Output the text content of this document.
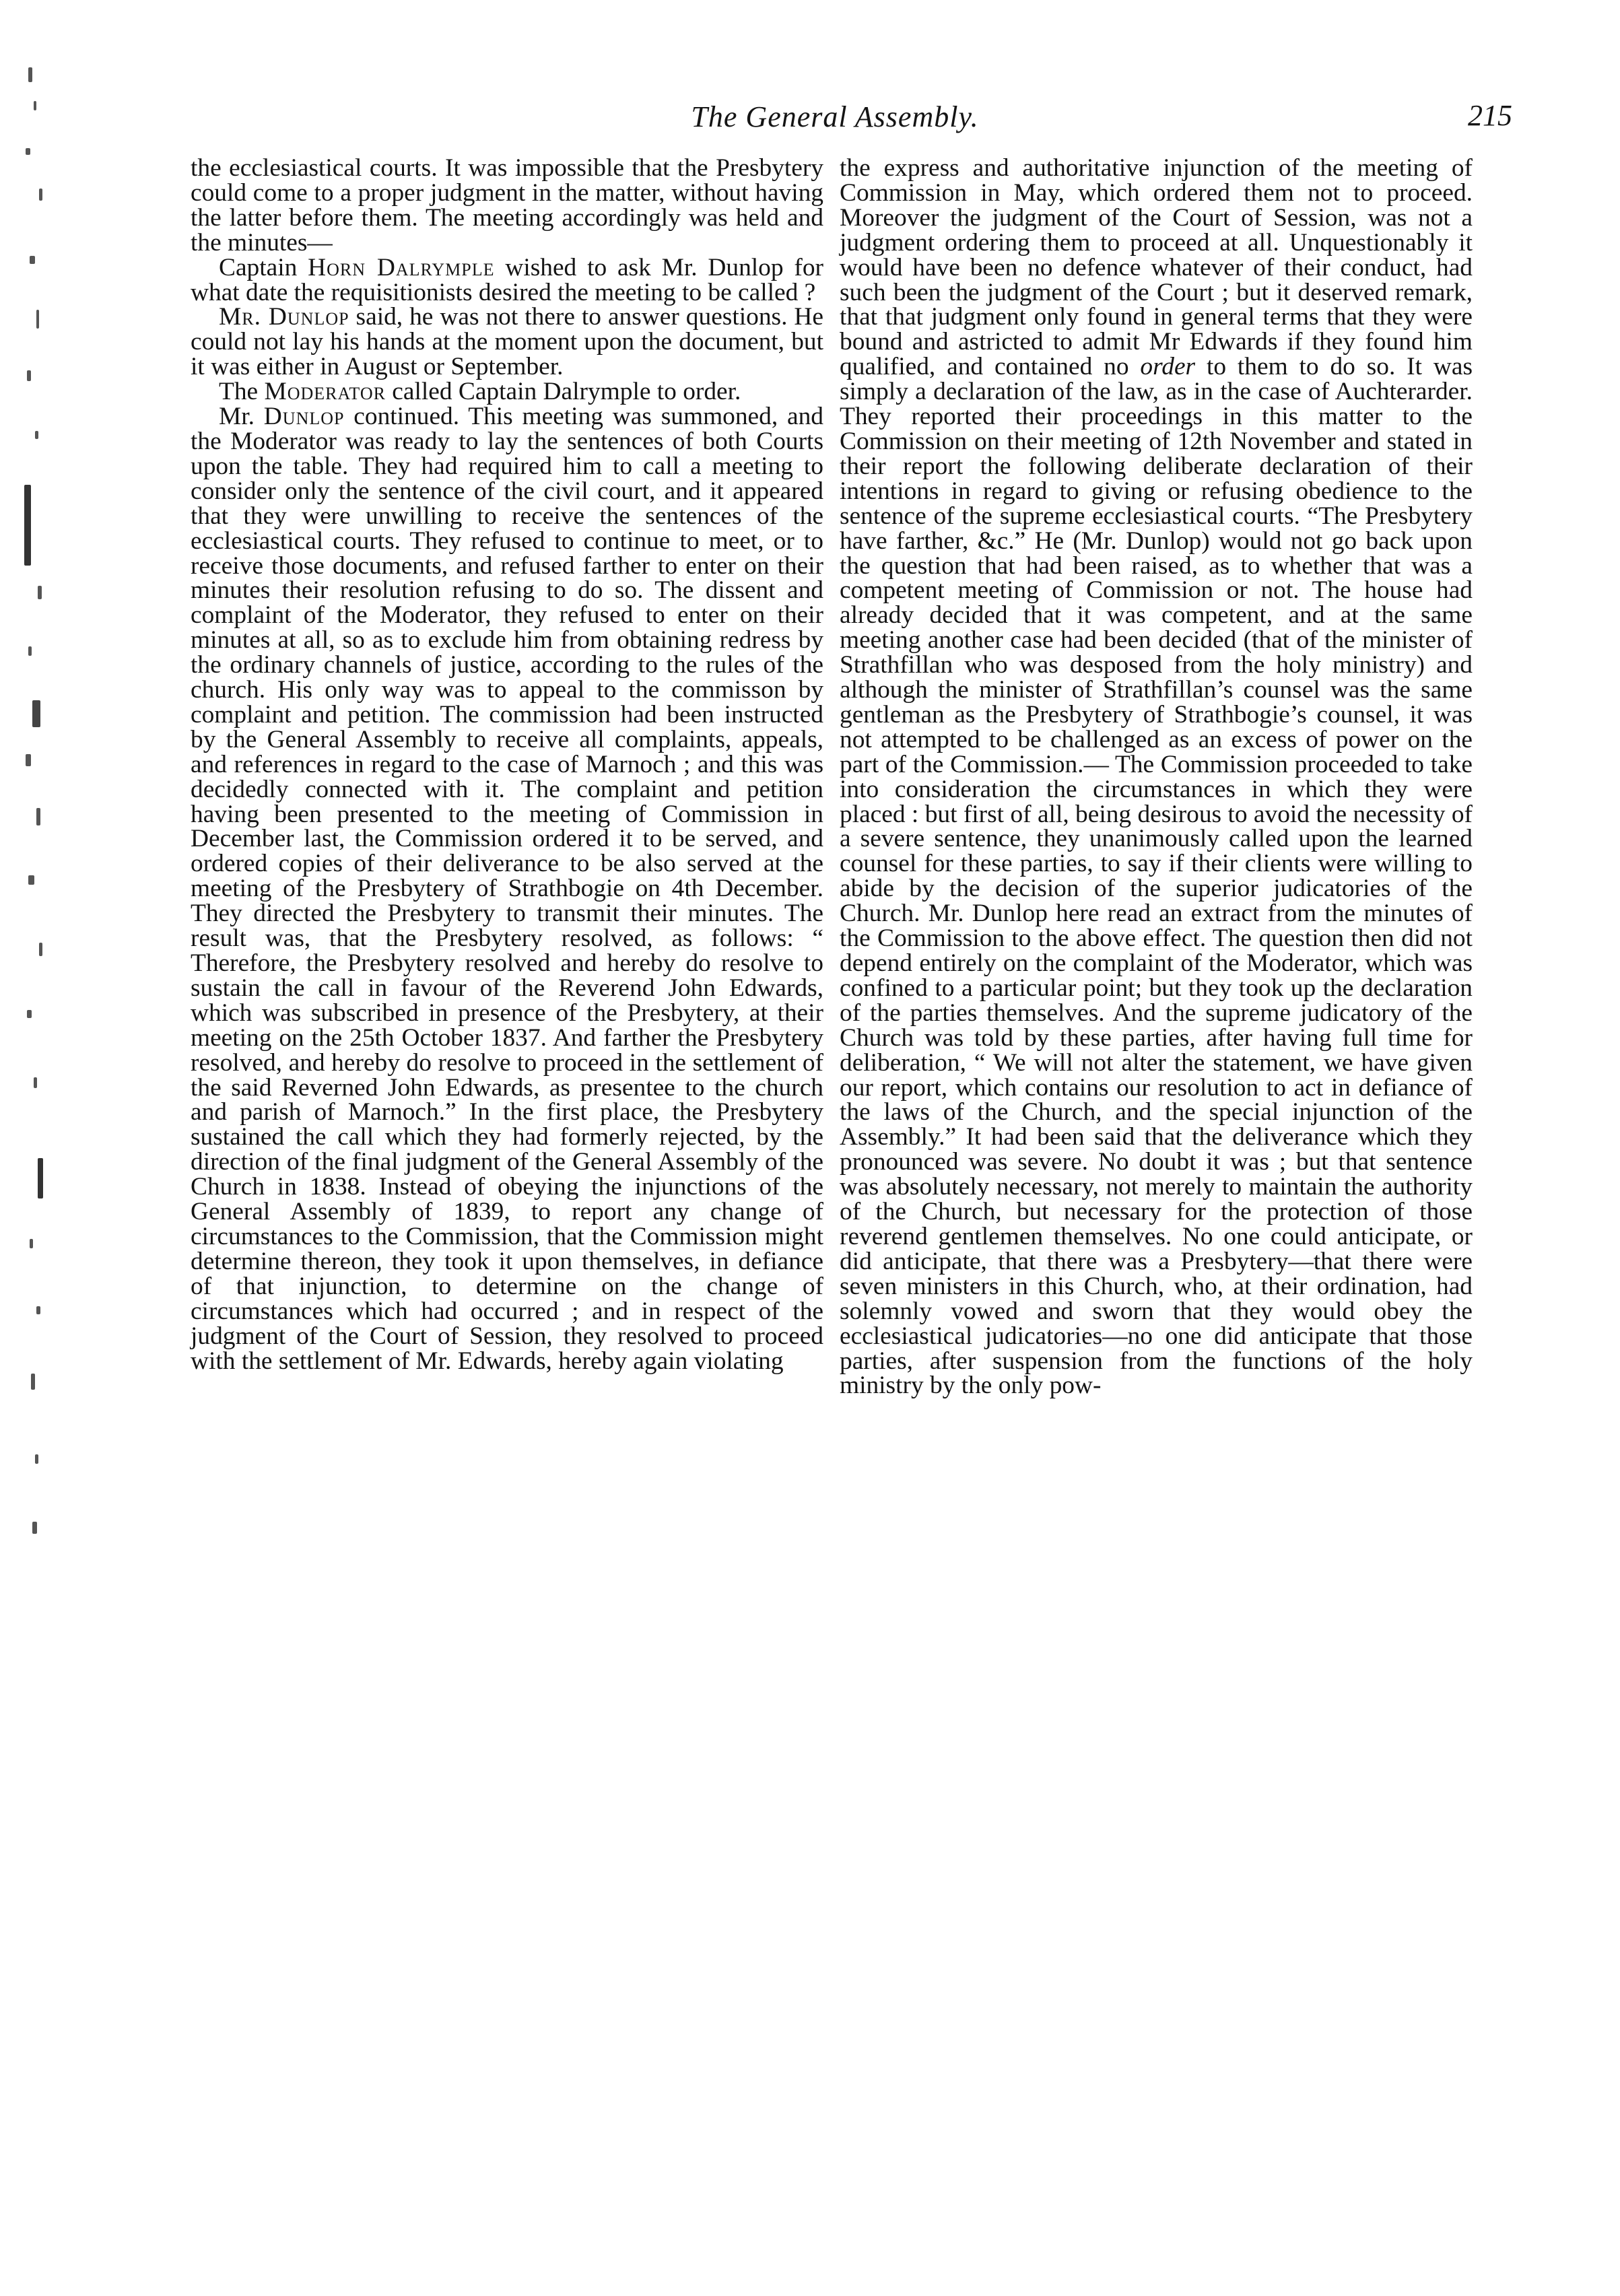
The General Assembly.	215

the ecclesiastical courts. It was impossible that the Presbytery could come to a proper judgment in the matter, without having the latter before them. The meeting accordingly was held and the minutes—

Captain Horn Dalrymple wished to ask Mr. Dunlop for what date the requisitionists desired the meeting to be called ?

Mr. Dunlop said, he was not there to answer questions. He could not lay his hands at the moment upon the document, but it was either in August or September.

The Moderator called Captain Dalrymple to order.

Mr. Dunlop continued. This meeting was summoned, and the Moderator was ready to lay the sentences of both Courts upon the table. They had required him to call a meeting to consider only the sentence of the civil court, and it appeared that they were unwilling to receive the sentences of the ecclesiastical courts. They refused to continue to meet, or to receive those documents, and refused farther to enter on their minutes their resolution refusing to do so. The dissent and complaint of the Moderator, they refused to enter on their minutes at all, so as to exclude him from obtaining redress by the ordinary channels of justice, according to the rules of the church. His only way was to appeal to the commisson by complaint and petition. The commission had been instructed by the General Assembly to receive all complaints, appeals, and references in regard to the case of Marnoch ; and this was decidedly connected with it. The complaint and petition having been presented to the meeting of Commission in December last, the Commission ordered it to be served, and ordered copies of their deliverance to be also served at the meeting of the Presbytery of Strathbogie on 4th December. They directed the Presbytery to transmit their minutes. The result was, that the Presbytery resolved, as follows: “ Therefore, the Presbytery resolved and hereby do resolve to sustain the call in favour of the Reverend John Edwards, which was subscribed in presence of the Presbytery, at their meeting on the 25th October 1837. And farther the Presbytery resolved, and hereby do resolve to proceed in the settlement of the said Reverned John Edwards, as presentee to the church and parish of Marnoch.” In the first place, the Presbytery sustained the call which they had formerly rejected, by the direction of the final judgment of the General Assembly of the Church in 1838. Instead of obeying the injunctions of the General Assembly of 1839, to report any change of circumstances to the Commission, that the Commission might determine thereon, they took it upon themselves, in defiance of that injunction, to determine on the change of circumstances which had occurred ; and in respect of the judgment of the Court of Session, they resolved to proceed with the settlement of Mr. Edwards, hereby again violating

the express and authoritative injunction of the meeting of Commission in May, which ordered them not to proceed. Moreover the judgment of the Court of Session, was not a judgment ordering them to proceed at all. Unquestionably it would have been no defence whatever of their conduct, had such been the judgment of the Court ; but it deserved remark, that that judgment only found in general terms that they were bound and astricted to admit Mr Edwards if they found him qualified, and contained no order to them to do so. It was simply a declaration of the law, as in the case of Auchterarder. They reported their proceedings in this matter to the Commission on their meeting of 12th November and stated in their report the following deliberate declaration of their intentions in regard to giving or refusing obedience to the sentence of the supreme ecclesiastical courts. “The Presbytery have farther, &c.” He (Mr. Dunlop) would not go back upon the question that had been raised, as to whether that was a competent meeting of Commission or not. The house had already decided that it was competent, and at the same meeting another case had been decided (that of the minister of Strathfillan who was desposed from the holy ministry) and although the minister of Strathfillan’s counsel was the same gentleman as the Presbytery of Strathbogie’s counsel, it was not attempted to be challenged as an excess of power on the part of the Commission.— The Commission proceeded to take into consideration the circumstances in which they were placed : but first of all, being desirous to avoid the necessity of a severe sentence, they unanimously called upon the learned counsel for these parties, to say if their clients were willing to abide by the decision of the superior judicatories of the Church. Mr. Dunlop here read an extract from the minutes of the Commission to the above effect. The question then did not depend entirely on the complaint of the Moderator, which was confined to a particular point; but they took up the declaration of the parties themselves. And the supreme judicatory of the Church was told by these parties, after having full time for deliberation, “ We will not alter the statement, we have given our report, which contains our resolution to act in defiance of the laws of the Church, and the special injunction of the Assembly.” It had been said that the deliverance which they pronounced was severe. No doubt it was ; but that sentence was absolutely necessary, not merely to maintain the authority of the Church, but necessary for the protection of those reverend gentlemen themselves. No one could anticipate, or did anticipate, that there was a Presbytery—that there were seven ministers in this Church, who, at their ordination, had solemnly vowed and sworn that they would obey the ecclesiastical judicatories—no one did anticipate that those parties, after suspension from the functions of the holy ministry by the only pow-
